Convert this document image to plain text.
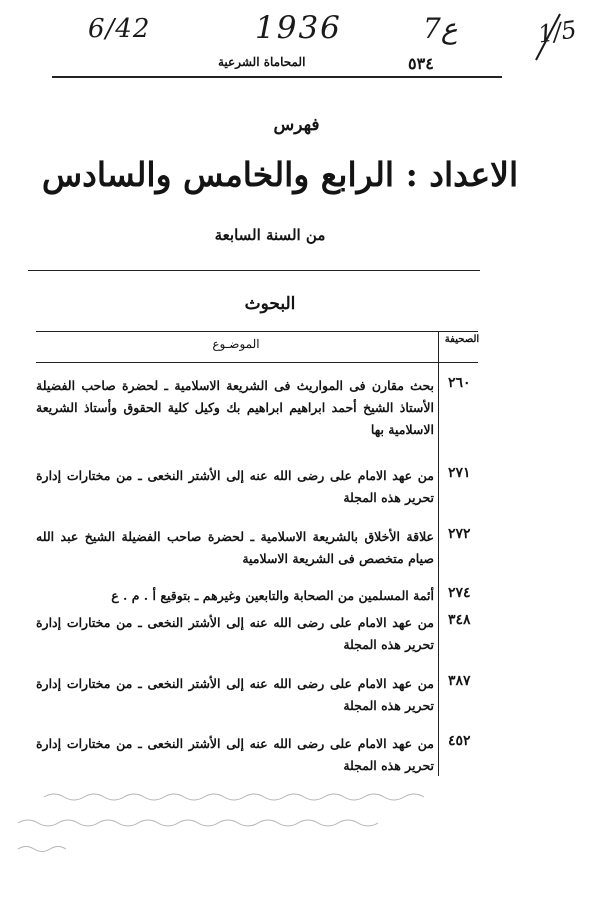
6/42	1936	7ع	1/5
٥٣٤
المحاماة الشرعية
فهرس
الاعداد : الرابع والخامس والسادس
من السنة السابعة
البحوث
الصحيفة
الموضـوع
٢٦٠
بحث مقارن فى المواريث فى الشريعة الاسلامية ـ لحضرة صاحب الفضيلة الأستاذ الشيخ أحمد ابراهيم ابراهيم بك وكيل كلية الحقوق وأستاذ الشريعة الاسلامية بها
٢٧١
من عهد الامام على رضى الله عنه إلى الأشتر النخعى ـ من مختارات إدارة تحرير هذه المجلة
٢٧٢
علاقة الأخلاق بالشريعة الاسلامية ـ لحضرة صاحب الفضيلة الشيخ عبد الله صيام متخصص فى الشريعة الاسلامية
٢٧٤
أئمة المسلمين من الصحابة والتابعين وغيرهم ـ بتوقيع أ . م . ع
٣٤٨
من عهد الامام على رضى الله عنه إلى الأشتر النخعى ـ من مختارات إدارة تحرير هذه المجلة
٣٨٧
من عهد الامام على رضى الله عنه إلى الأشتر النخعى ـ من مختارات إدارة تحرير هذه المجلة
٤٥٢
من عهد الامام على رضى الله عنه إلى الأشتر النخعى ـ من مختارات إدارة تحرير هذه المجلة
